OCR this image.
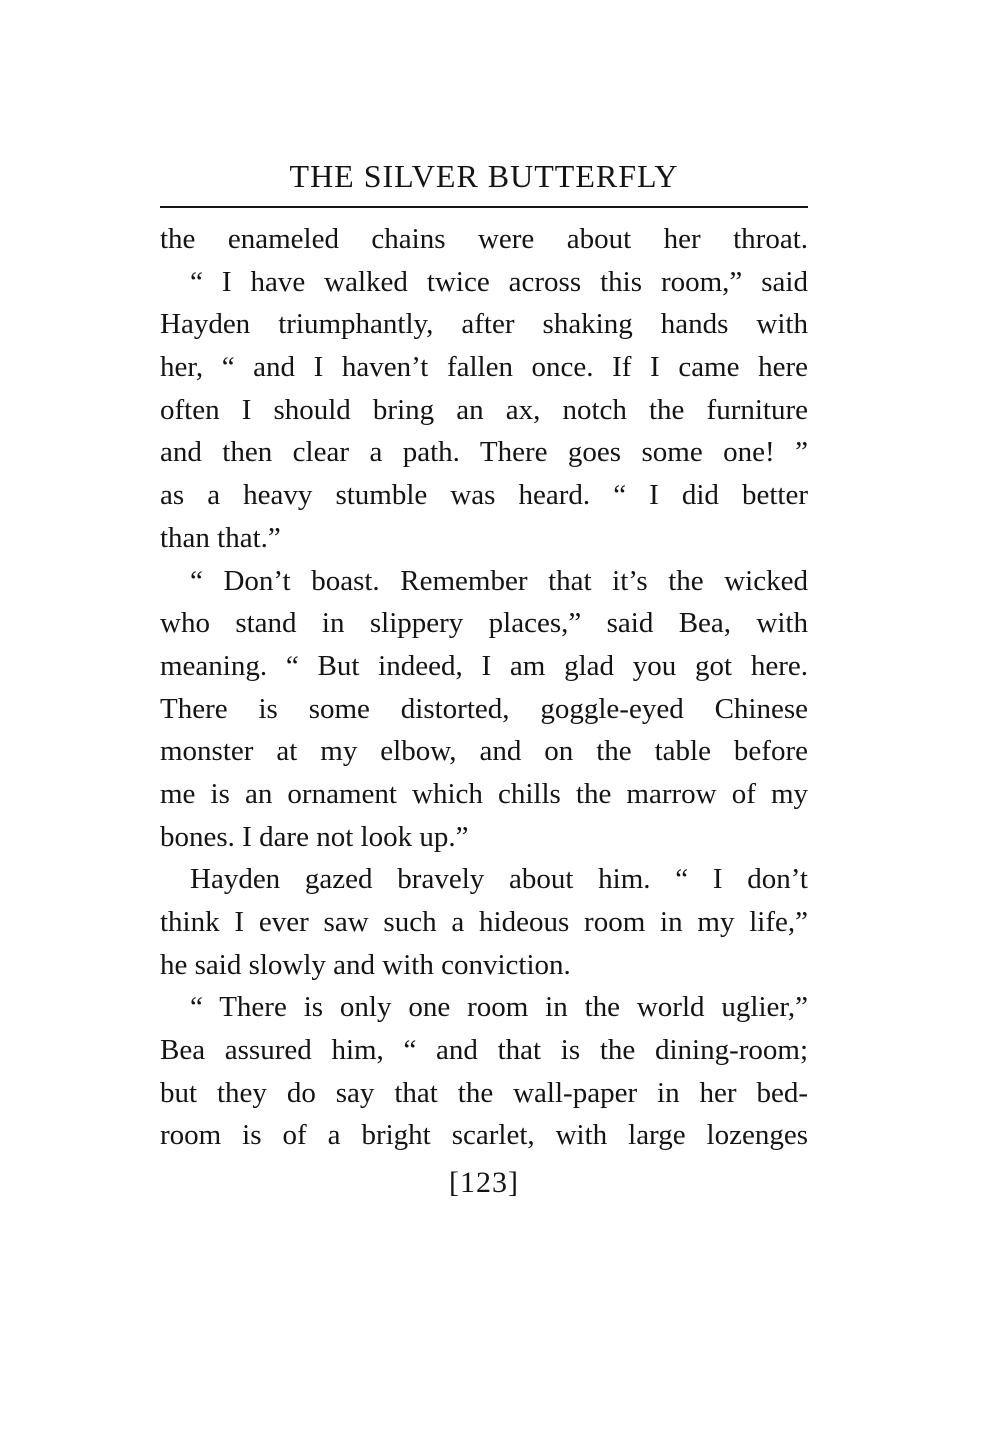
THE SILVER BUTTERFLY
the enameled chains were about her throat.
“ I have walked twice across this room,” said
Hayden triumphantly, after shaking hands with
her, “ and I haven’t fallen once. If I came here
often I should bring an ax, notch the furniture
and then clear a path. There goes some one! ”
as a heavy stumble was heard. “ I did better
than that.”
“ Don’t boast. Remember that it’s the wicked
who stand in slippery places,” said Bea, with
meaning. “ But indeed, I am glad you got here.
There is some distorted, goggle-eyed Chinese
monster at my elbow, and on the table before
me is an ornament which chills the marrow of my
bones. I dare not look up.”
Hayden gazed bravely about him. “ I don’t
think I ever saw such a hideous room in my life,”
he said slowly and with conviction.
“ There is only one room in the world uglier,”
Bea assured him, “ and that is the dining-room;
but they do say that the wall-paper in her bed-
room is of a bright scarlet, with large lozenges
[123]
